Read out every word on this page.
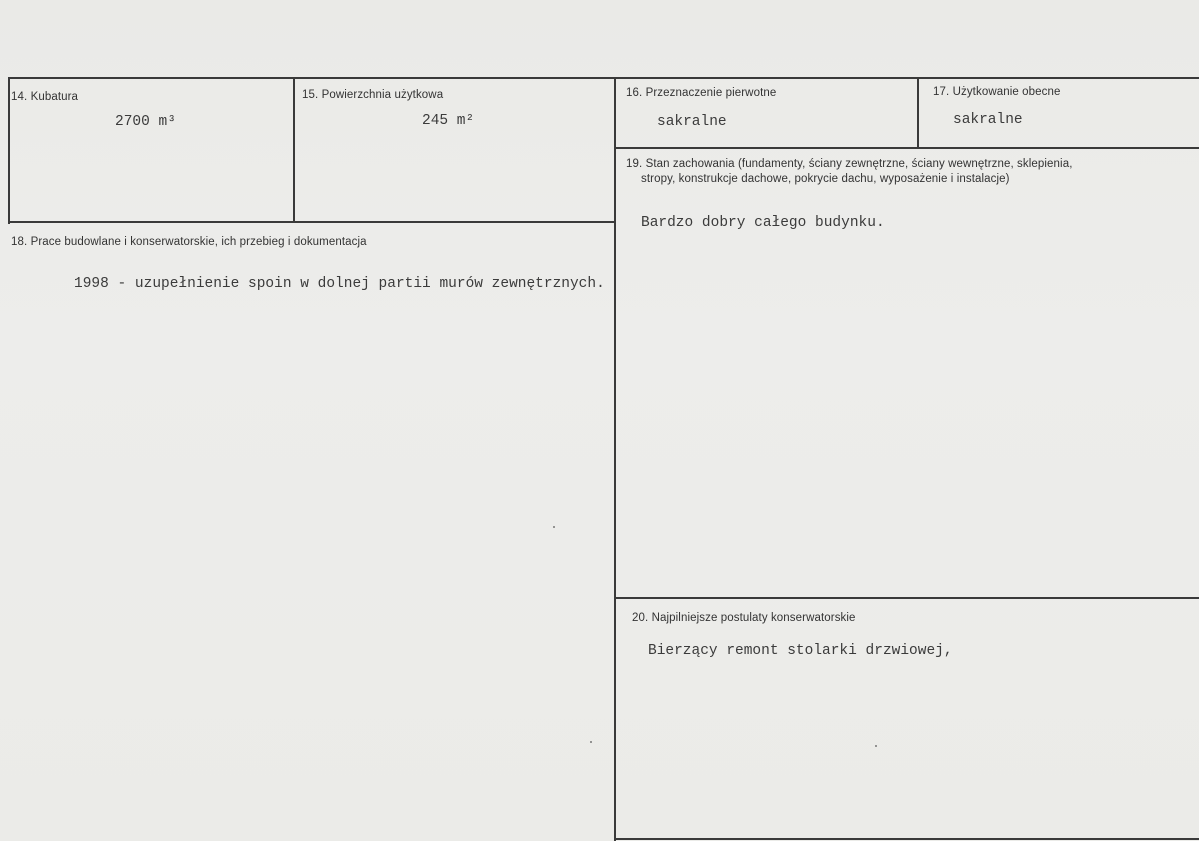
14. Kubatura
2700 m³
15. Powierzchnia użytkowa
245 m²
16. Przeznaczenie pierwotne
sakralne
17. Użytkowanie obecne
sakralne
19. Stan zachowania (fundamenty, ściany zewnętrzne, ściany wewnętrzne, sklepienia,
stropy, konstrukcje dachowe, pokrycie dachu, wyposażenie i instalacje)
Bardzo dobry całego budynku.
18. Prace budowlane i konserwatorskie, ich przebieg i dokumentacja
1998 - uzupełnienie spoin w dolnej partii murów zewnętrznych.
20. Najpilniejsze postulaty konserwatorskie
Bierzący remont stolarki drzwiowej,
